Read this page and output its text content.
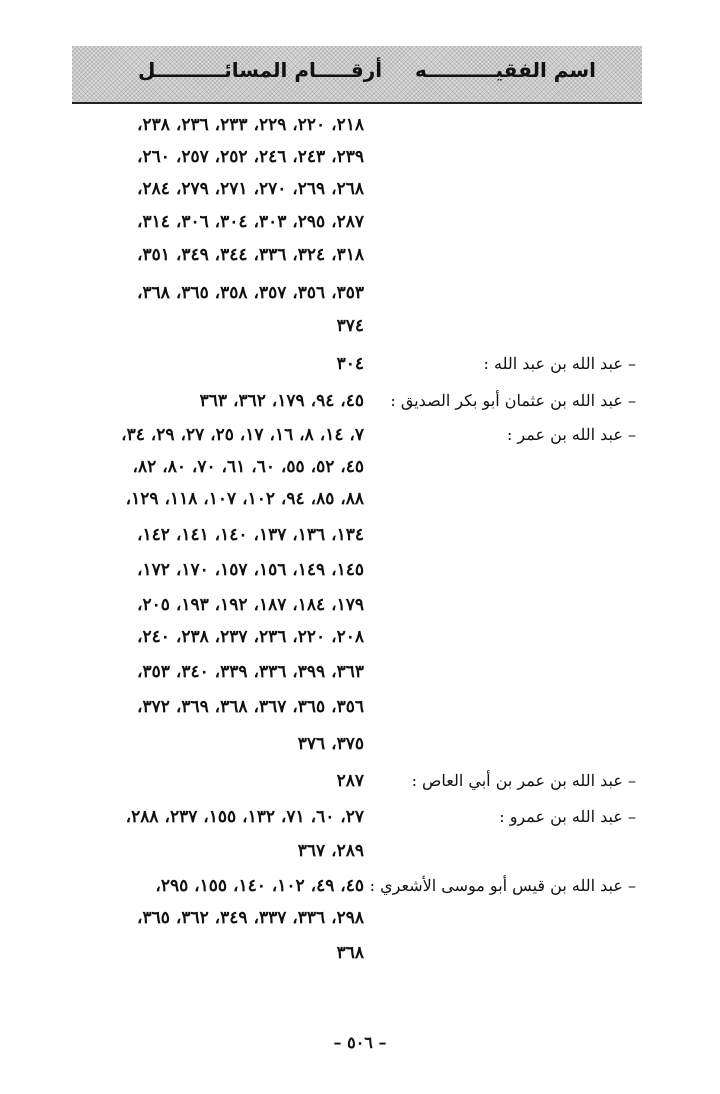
اسم الفقيــــــــــه
أرقـــــام المسائــــــــــل
٢١٨، ٢٢٠، ٢٢٩، ٢٣٣، ٢٣٦، ٢٣٨،
٢٣٩، ٢٤٣، ٢٤٦، ٢٥٢، ٢٥٧، ٢٦٠،
٢٦٨، ٢٦٩، ٢٧٠، ٢٧١، ٢٧٩، ٢٨٤،
٢٨٧، ٢٩٥، ٣٠٣، ٣٠٤، ٣٠٦، ٣١٤،
٣١٨، ٣٢٤، ٣٣٦، ٣٤٤، ٣٤٩، ٣٥١،
٣٥٣، ٣٥٦، ٣٥٧، ٣٥٨، ٣٦٥، ٣٦٨،
٣٧٤
– عبد الله بن عبد الله :
٣٠٤
– عبد الله بن عثمان أبو بكر الصديق :
٤٥، ٩٤، ١٧٩، ٣٦٢، ٣٦٣
– عبد الله بن عمر :
٧، ١٤، ٨، ١٦، ١٧، ٢٥، ٢٧، ٢٩، ٣٤،
٤٥، ٥٢، ٥٥، ٦٠، ٦١، ٧٠، ٨٠، ٨٢،
٨٨، ٨٥، ٩٤، ١٠٢، ١٠٧، ١١٨، ١٢٩،
١٣٤، ١٣٦، ١٣٧، ١٤٠، ١٤١، ١٤٢،
١٤٥، ١٤٩، ١٥٦، ١٥٧، ١٧٠، ١٧٢،
١٧٩، ١٨٤، ١٨٧، ١٩٢، ١٩٣، ٢٠٥،
٢٠٨، ٢٢٠، ٢٣٦، ٢٣٧، ٢٣٨، ٢٤٠،
٣٦٣، ٣٩٩، ٣٣٦، ٣٣٩، ٣٤٠، ٣٥٣،
٣٥٦، ٣٦٥، ٣٦٧، ٣٦٨، ٣٦٩، ٣٧٢،
٣٧٥، ٣٧٦
– عبد الله بن عمر بن أبي العاص :
٢٨٧
– عبد الله بن عمرو :
٢٧، ٦٠، ٧١، ١٣٢، ١٥٥، ٢٣٧، ٢٨٨،
٢٨٩، ٣٦٧
– عبد الله بن قيس أبو موسى الأشعري :
٤٥، ٤٩، ١٠٢، ١٤٠، ١٥٥، ٢٩٥،
٢٩٨، ٣٣٦، ٣٣٧، ٣٤٩، ٣٦٢، ٣٦٥،
٣٦٨
– ٥٠٦ –
